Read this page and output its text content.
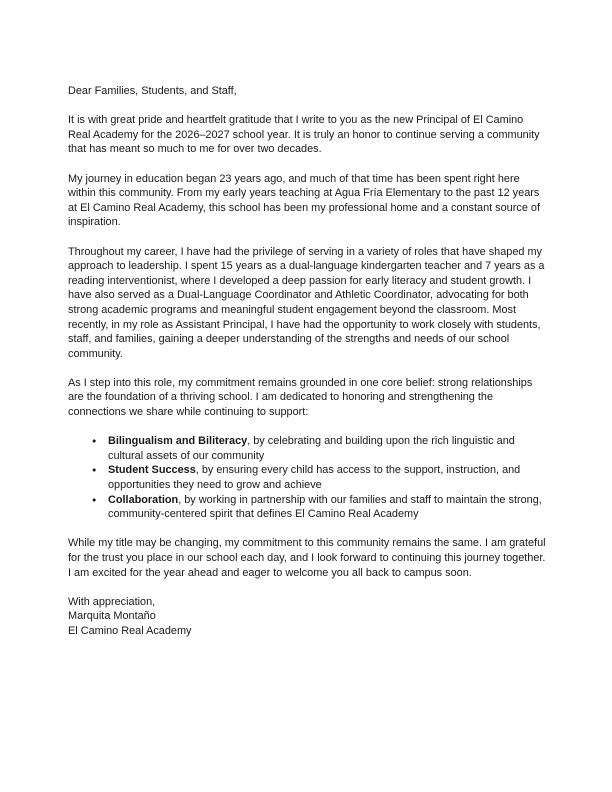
Dear Families, Students, and Staff,

It is with great pride and heartfelt gratitude that I write to you as the new Principal of El Camino Real Academy for the 2026–2027 school year. It is truly an honor to continue serving a community that has meant so much to me for over two decades.

My journey in education began 23 years ago, and much of that time has been spent right here within this community. From my early years teaching at Agua Fría Elementary to the past 12 years at El Camino Real Academy, this school has been my professional home and a constant source of inspiration.

Throughout my career, I have had the privilege of serving in a variety of roles that have shaped my approach to leadership. I spent 15 years as a dual-language kindergarten teacher and 7 years as a reading interventionist, where I developed a deep passion for early literacy and student growth. I have also served as a Dual-Language Coordinator and Athletic Coordinator, advocating for both strong academic programs and meaningful student engagement beyond the classroom. Most recently, in my role as Assistant Principal, I have had the opportunity to work closely with students, staff, and families, gaining a deeper understanding of the strengths and needs of our school community.

As I step into this role, my commitment remains grounded in one core belief: strong relationships are the foundation of a thriving school. I am dedicated to honoring and strengthening the connections we share while continuing to support:

● Bilingualism and Biliteracy, by celebrating and building upon the rich linguistic and cultural assets of our community
● Student Success, by ensuring every child has access to the support, instruction, and opportunities they need to grow and achieve
● Collaboration, by working in partnership with our families and staff to maintain the strong, community-centered spirit that defines El Camino Real Academy

While my title may be changing, my commitment to this community remains the same. I am grateful for the trust you place in our school each day, and I look forward to continuing this journey together. I am excited for the year ahead and eager to welcome you all back to campus soon.

With appreciation,

Marquita Montaño

El Camino Real Academy
